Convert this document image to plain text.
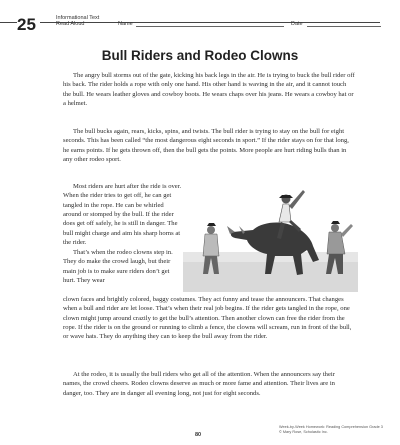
25	Informational Text
Read Aloud	Name	Date
Bull Riders and Rodeo Clowns

The angry bull storms out of the gate, kicking his back legs in the air. He is trying to buck the bull rider off his back. The rider holds a rope with only one hand. His other hand is waving in the air, and it cannot touch the bull. He wears leather gloves and cowboy boots. He wears chaps over his jeans. He wears a cowboy hat or a helmet.

The bull bucks again, rears, kicks, spins, and twists. The bull rider is trying to stay on the bull for eight seconds. This has been called “the most dangerous eight seconds in sport.” If the rider stays on for that long, he earns points. If he gets thrown off, then the bull gets the points. More people are hurt riding bulls than in any other rodeo sport.

Most riders are hurt after the ride is over. When the rider tries to get off, he can get tangled in the rope. He can be whirled around or stomped by the bull. If the rider does get off safely, he is still in danger. The bull might charge and aim his sharp horns at the rider.

That’s when the rodeo clowns step in. They do make the crowd laugh, but their main job is to make sure riders don’t get hurt. They wear

clown faces and brightly colored, baggy costumes. They act funny and tease the announcers. That changes when a bull and rider are let loose. That’s when their real job begins. If the rider gets tangled in the rope, one clown might jump around crazily to get the bull’s attention. Then another clown can free the rider from the rope. If the rider is on the ground or running to climb a fence, the clowns will scream, run in front of the bull, or wave hats. They do anything they can to keep the bull away from the rider.

At the rodeo, it is usually the bull riders who get all of the attention. When the announcers say their names, the crowd cheers. Rodeo clowns deserve as much or more fame and attention. Their lives are in danger, too. They are in danger all evening long, not just for eight seconds.

80
Week-by-Week Homework: Reading Comprehension Grade 3
© Mary Rose, Scholastic Inc.
